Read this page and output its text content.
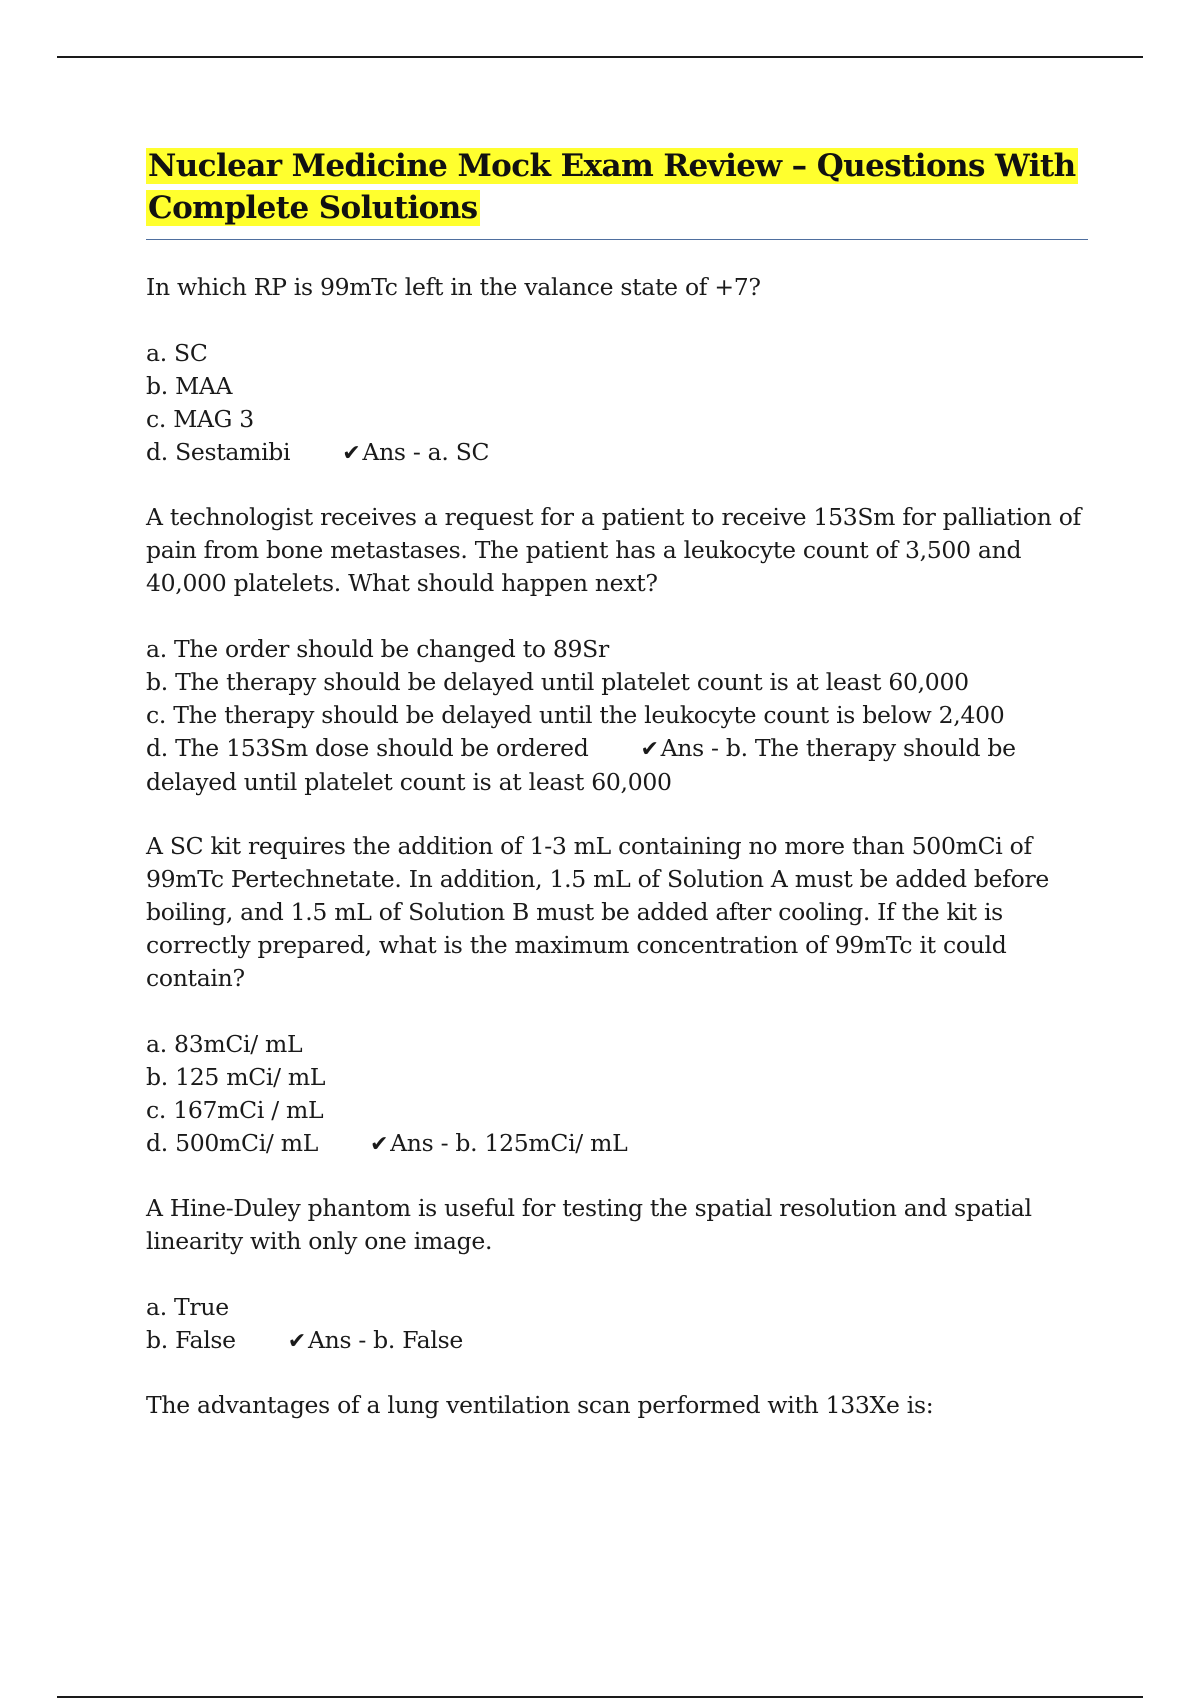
Nuclear Medicine Mock Exam Review – Questions With Complete Solutions

In which RP is 99mTc left in the valance state of +7?

a. SC
b. MAA
c. MAG 3
d. Sestamibi ✔Ans - a. SC

A technologist receives a request for a patient to receive 153Sm for palliation of pain from bone metastases. The patient has a leukocyte count of 3,500 and 40,000 platelets. What should happen next?

a. The order should be changed to 89Sr
b. The therapy should be delayed until platelet count is at least 60,000
c. The therapy should be delayed until the leukocyte count is below 2,400
d. The 153Sm dose should be ordered ✔Ans - b. The therapy should be delayed until platelet count is at least 60,000

A SC kit requires the addition of 1-3 mL containing no more than 500mCi of 99mTc Pertechnetate. In addition, 1.5 mL of Solution A must be added before boiling, and 1.5 mL of Solution B must be added after cooling. If the kit is correctly prepared, what is the maximum concentration of 99mTc it could contain?

a. 83mCi/ mL
b. 125 mCi/ mL
c. 167mCi / mL
d. 500mCi/ mL ✔Ans - b. 125mCi/ mL

A Hine-Duley phantom is useful for testing the spatial resolution and spatial linearity with only one image.

a. True
b. False ✔Ans - b. False

The advantages of a lung ventilation scan performed with 133Xe is:
